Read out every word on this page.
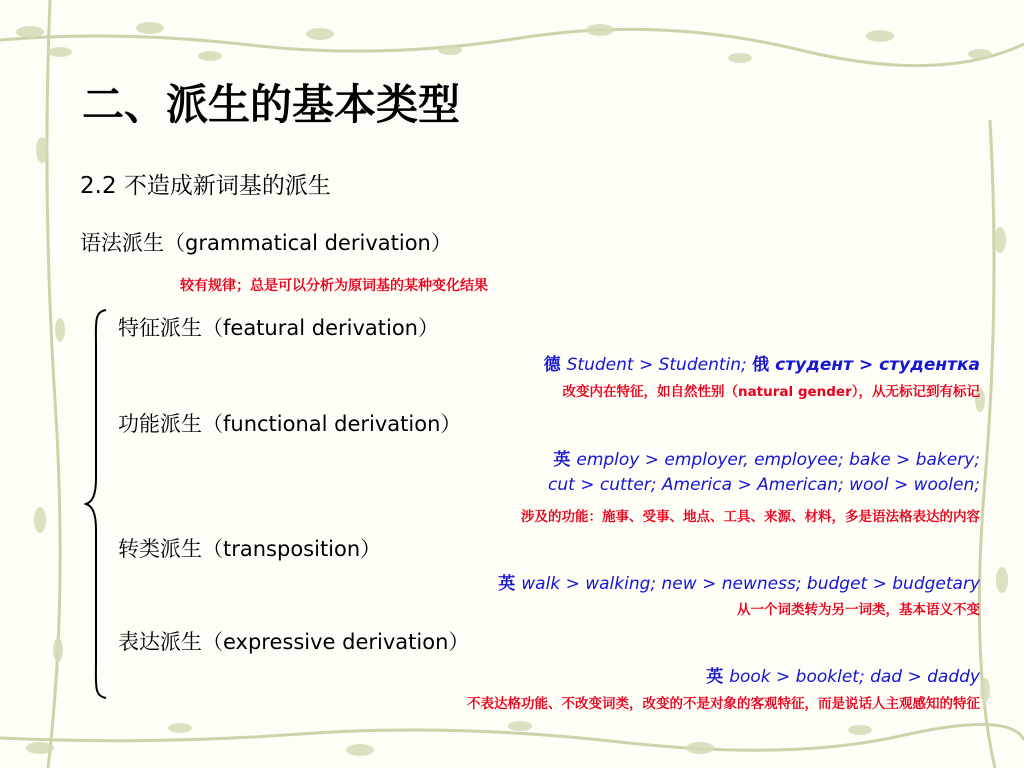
二、派生的基本类型
2.2 不造成新词基的派生
语法派生（grammatical derivation）
较有规律；总是可以分析为原词基的某种变化结果
特征派生（featural derivation）
德 Student > Studentin; 俄 студент > студентка
改变内在特征，如自然性别（natural gender），从无标记到有标记
功能派生（functional derivation）
英 employ > employer, employee; bake > bakery;
cut > cutter; America > American; wool > woolen;
涉及的功能：施事、受事、地点、工具、来源、材料，多是语法格表达的内容
转类派生（transposition）
英 walk > walking; new > newness; budget > budgetary
从一个词类转为另一词类，基本语义不变
表达派生（expressive derivation）
英 book > booklet; dad > daddy
不表达格功能、不改变词类，改变的不是对象的客观特征，而是说话人主观感知的特征
